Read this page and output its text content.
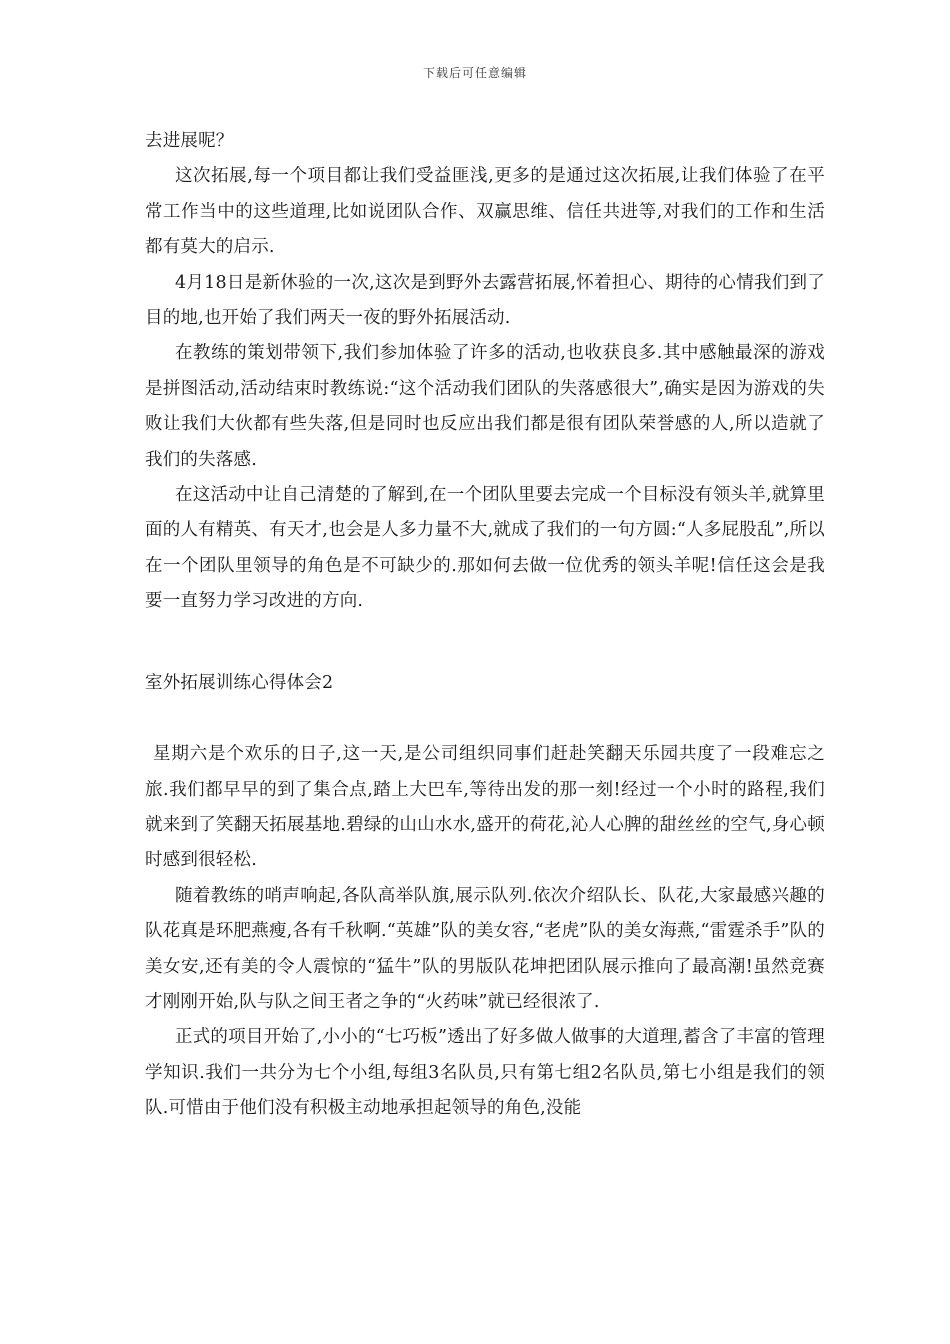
下载后可任意编辑

去进展呢？

这次拓展,每一个项目都让我们受益匪浅,更多的是通过这次拓展,让我们体验了在平常工作当中的这些道理,比如说团队合作、双赢思维、信任共进等,对我们的工作和生活都有莫大的启示.

4月18日是新休验的一次,这次是到野外去露营拓展,怀着担心、期待的心情我们到了目的地,也开始了我们两天一夜的野外拓展活动.

在教练的策划带领下,我们参加体验了许多的活动,也收获良多.其中感触最深的游戏是拼图活动,活动结束时教练说:“这个活动我们团队的失落感很大”,确实是因为游戏的失败让我们大伙都有些失落,但是同时也反应出我们都是很有团队荣誉感的人,所以造就了我们的失落感.

在这活动中让自己清楚的了解到,在一个团队里要去完成一个目标没有领头羊,就算里面的人有精英、有天才,也会是人多力量不大,就成了我们的一句方圆:“人多屁股乱”,所以在一个团队里领导的角色是不可缺少的.那如何去做一位优秀的领头羊呢!信任这会是我要一直努力学习改进的方向.

室外拓展训练心得体会2

星期六是个欢乐的日子,这一天,是公司组织同事们赶赴笑翻天乐园共度了一段难忘之旅.我们都早早的到了集合点,踏上大巴车,等待出发的那一刻!经过一个小时的路程,我们就来到了笑翻天拓展基地.碧绿的山山水水,盛开的荷花,沁人心脾的甜丝丝的空气,身心顿时感到很轻松.

随着教练的哨声响起,各队高举队旗,展示队列.依次介绍队长、队花,大家最感兴趣的队花真是环肥燕瘦,各有千秋啊.“英雄”队的美女容,“老虎”队的美女海燕,“雷霆杀手”队的美女安,还有美的令人震惊的“猛牛”队的男版队花坤把团队展示推向了最高潮!虽然竞赛才刚刚开始,队与队之间王者之争的“火药味”就已经很浓了.

正式的项目开始了,小小的“七巧板”透出了好多做人做事的大道理,蓄含了丰富的管理学知识.我们一共分为七个小组,每组3名队员,只有第七组2名队员,第七小组是我们的领队.可惜由于他们没有积极主动地承担起领导的角色,没能
